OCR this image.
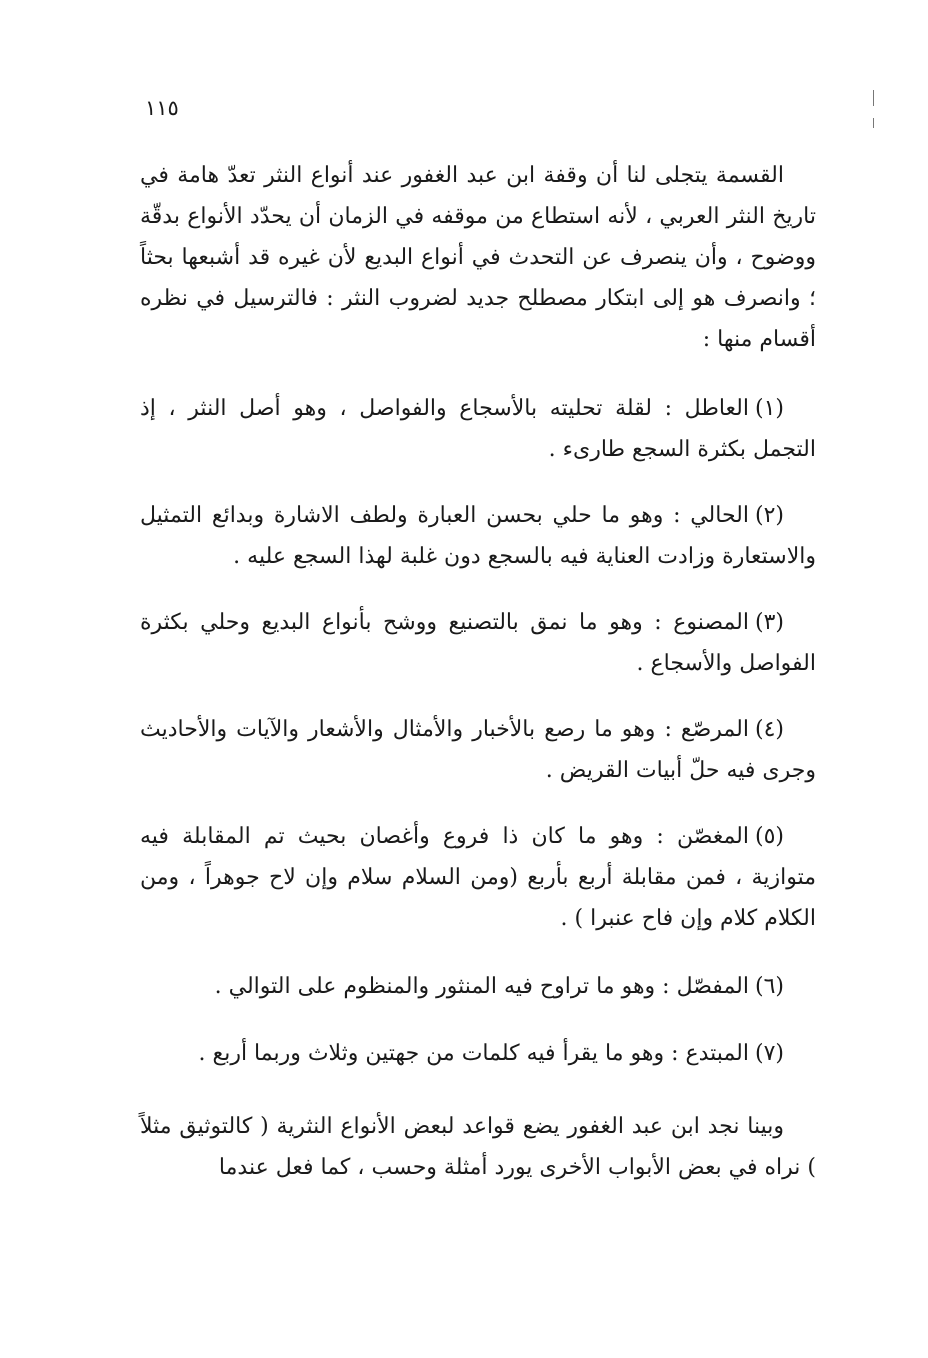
٥١١

القسمة يتجلى لنا أن وقفة ابن عبد الغفور عند أنواع النثر تعدّ هامة في تاريخ النثر العربي ، لأنه استطاع من موقفه في الزمان أن يحدّد الأنواع بدقّة ووضوح ، وأن ينصرف عن التحدث في أنواع البديع لأن غيره قد أشبعها بحثاً ؛ وانصرف هو إلى ابتكار مصطلح جديد لضروب النثر : فالترسيل في نظره أقسام منها :

(١)العاطل : لقلة تحليته بالأسجاع والفواصل ، وهو أصل النثر ، إذ التجمل بكثرة السجع طارىء .

(٢)الحالي : وهو ما حلي بحسن العبارة ولطف الاشارة وبدائع التمثيل والاستعارة وزادت العناية فيه بالسجع دون غلبة لهذا السجع عليه .

(٣)المصنوع : وهو ما نمق بالتصنيع ووشح بأنواع البديع وحلي بكثرة الفواصل والأسجاع .

(٤)المرصّع : وهو ما رصع بالأخبار والأمثال والأشعار والآيات والأحاديث وجرى فيه حلّ أبيات القريض .

(٥)المغصّن : وهو ما كان ذا فروع وأغصان بحيث تم المقابلة فيه متوازية ، فمن مقابلة أربع بأربع (ومن السلام سلام وإن لاح جوهراً ، ومن الكلام كلام وإن فاح عنبرا ) .

(٦)المفصّل : وهو ما تراوح فيه المنثور والمنظوم على التوالي .

(٧)المبتدع : وهو ما يقرأ فيه كلمات من جهتين وثلاث وربما أربع .

وبينا نجد ابن عبد الغفور يضع قواعد لبعض الأنواع النثرية ( كالتوثيق مثلاً ) نراه في بعض الأبواب الأخرى يورد أمثلة وحسب ، كما فعل عندما
